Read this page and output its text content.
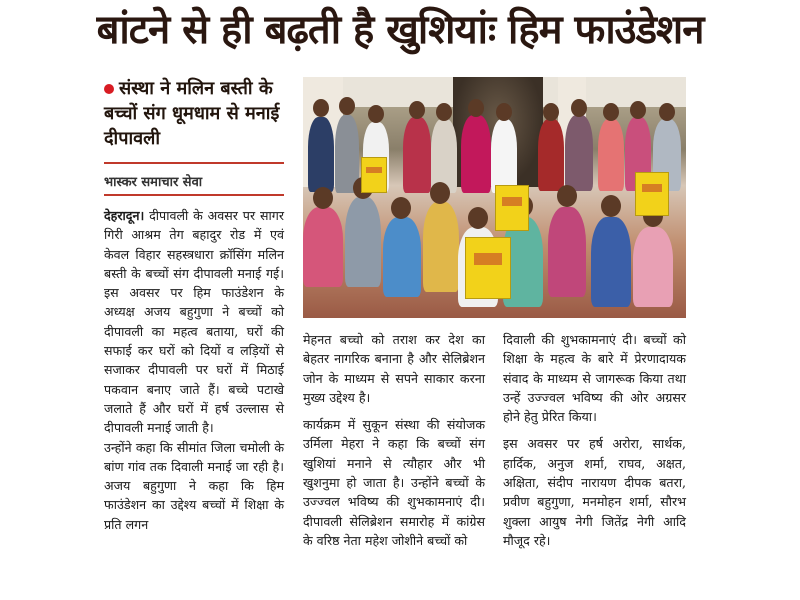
बांटने से ही बढ़ती है खुशियांः हिम फाउंडेशन
संस्था ने मलिन बस्ती के बच्चों संग धूमधाम से मनाई दीपावली
भास्कर समाचार सेवा

देहरादून। दीपावली के अवसर पर सागर गिरी आश्रम तेग बहादुर रोड में एवं केवल विहार सहस्त्रधारा क्रॉसिंग मलिन बस्ती के बच्चों संग दीपावली मनाई गई। इस अवसर पर हिम फाउंडेशन के अध्यक्ष अजय बहुगुणा ने बच्चों को दीपावली का महत्व बताया, घरों की सफाई कर घरों को दियों व लड़ियों से सजाकर दीपावली पर घरों में मिठाई पकवान बनाए जाते हैं। बच्चे पटाखे जलाते हैं और घरों में हर्ष उल्लास से दीपावली मनाई जाती है।

उन्होंने कहा कि सीमांत जिला चमोली के बांण गांव तक दिवाली मनाई जा रही है। अजय बहुगुणा ने कहा कि हिम फाउंडेशन का उद्देश्य बच्चों में शिक्षा के प्रति लगन

मेहनत बच्चो को तराश कर देश का बेहतर नागरिक बनाना है और सेलिब्रेशन जोन के माध्यम से सपने साकार करना मुख्य उद्देश्य है।

कार्यक्रम में सुकून संस्था की संयोजक उर्मिला मेहरा ने कहा कि बच्चों संग खुशियां मनाने से त्यौहार और भी खुशनुमा हो जाता है। उन्होंने बच्चों के उज्ज्वल भविष्य की शुभकामनाएं दी। दीपावली सेलिब्रेशन समारोह में कांग्रेस के वरिष्ठ नेता महेश जोशीने बच्चों को

दिवाली की शुभकामनाएं दी। बच्चों को शिक्षा के महत्व के बारे में प्रेरणादायक संवाद के माध्यम से जागरूक किया तथा उन्हें उज्ज्वल भविष्य की ओर अग्रसर होने हेतु प्रेरित किया।

इस अवसर पर हर्ष अरोरा, सार्थक, हार्दिक, अनुज शर्मा, राघव, अक्षत, अक्षिता, संदीप नारायण दीपक बतरा, प्रवीण बहुगुणा, मनमोहन शर्मा, सौरभ शुक्ला आयुष नेगी जितेंद्र नेगी आदि मौजूद रहे।
